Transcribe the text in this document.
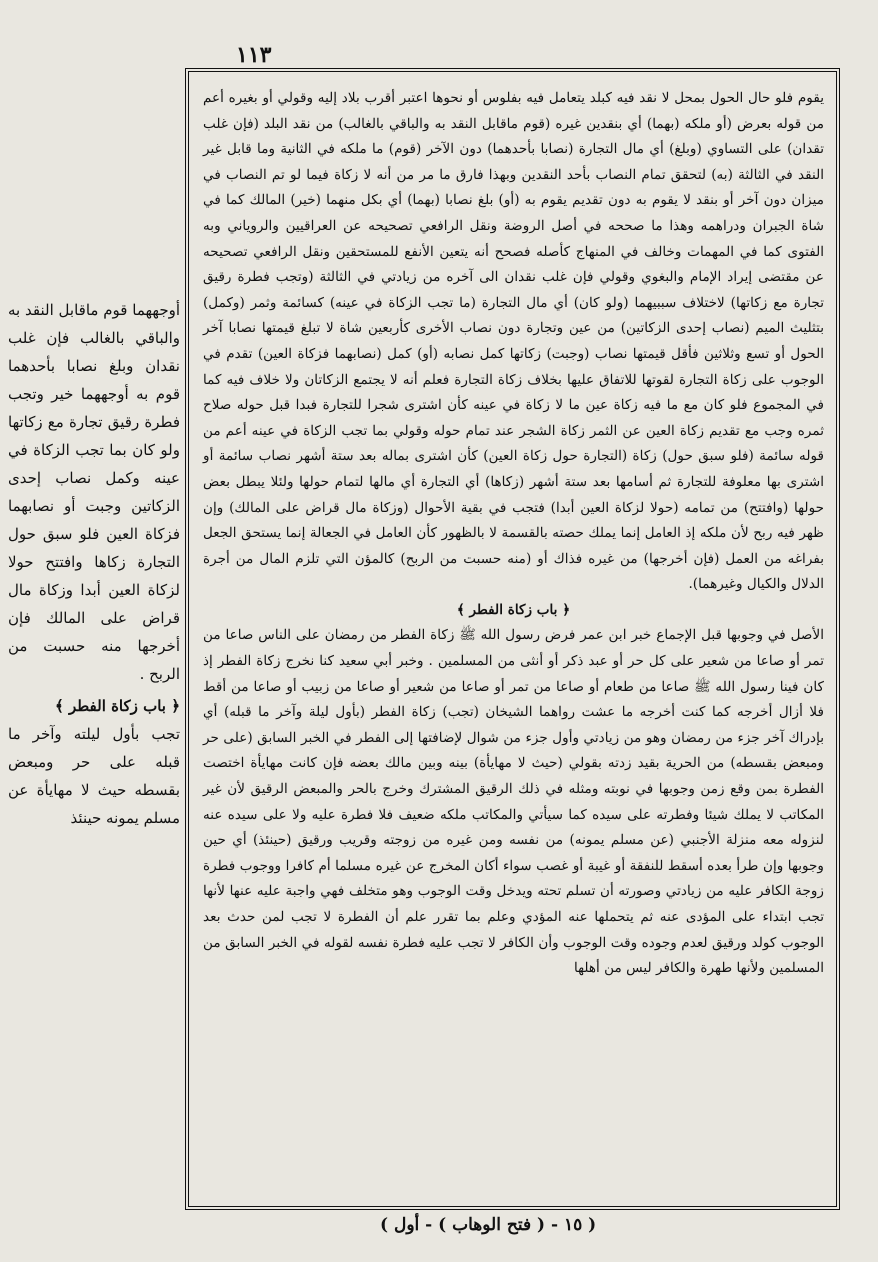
١١٣

يقوم فلو حال الحول بمحل لا نقد فيه كبلد يتعامل فيه بفلوس أو نحوها اعتبر أقرب بلاد إليه وقولي أو بغيره أعم من قوله بعرض (أو ملكه (بهما) أي بنقدين غيره (قوم ماقابل النقد به والباقي بالغالب) من نقد البلد (فإن غلب تقدان) على التساوي (وبلغ) أي مال التجارة (نصابا بأحدهما) دون الآخر (قوم) ما ملكه في الثانية وما قابل غير النقد في الثالثة (به) لتحقق تمام النصاب بأحد النقدين وبهذا فارق ما مر من أنه لا زكاة فيما لو تم النصاب في ميزان دون آخر أو بنقد لا يقوم به دون تقديم يقوم به (أو) بلغ نصابا (بهما) أي بكل منهما (خير) المالك كما في شاة الجبران ودراهمه وهذا ما صححه في أصل الروضة ونقل الرافعي تصحيحه عن العراقيين والروياني وبه الفتوى كما في المهمات وخالف في المنهاج كأصله فصحح أنه يتعين الأنفع للمستحقين ونقل الرافعي تصحيحه عن مقتضى إيراد الإمام والبغوي وقولي فإن غلب نقدان الى آخره من زيادتي في الثالثة (وتجب فطرة رقيق تجارة مع زكاتها) لاختلاف سببيهما (ولو كان) أي مال التجارة (ما تجب الزكاة في عينه) كسائمة وثمر (وكمل) بتثليث الميم (نصاب إحدى الزكاتين) من عين وتجارة دون نصاب الأخرى كأربعين شاة لا تبلغ قيمتها نصابا آخر الحول أو تسع وثلاثين فأقل قيمتها نصاب (وجبت) زكاتها كمل نصابه (أو) كمل (نصابهما فزكاة العين) تقدم في الوجوب على زكاة التجارة لقوتها للاتفاق عليها بخلاف زكاة التجارة فعلم أنه لا يجتمع الزكاتان ولا خلاف فيه كما في المجموع فلو كان مع ما فيه زكاة عين ما لا زكاة في عينه كأن اشترى شجرا للتجارة فبدا قبل حوله صلاح ثمره وجب مع تقديم زكاة العين عن الثمر زكاة الشجر عند تمام حوله وقولي بما تجب الزكاة في عينه أعم من قوله سائمة (فلو سبق حول) زكاة (التجارة حول زكاة العين) كأن اشترى بماله بعد ستة أشهر نصاب سائمة أو اشترى بها معلوفة للتجارة ثم أسامها بعد ستة أشهر (زكاها) أي التجارة أي مالها لتمام حولها ولئلا يبطل بعض حولها (وافتتح) من تمامه (حولا لزكاة العين أبدا) فتجب في بقية الأحوال (وزكاة مال قراض على المالك) وإن ظهر فيه ربح لأن ملكه إذ العامل إنما يملك حصته بالقسمة لا بالظهور كأن العامل في الجعالة إنما يستحق الجعل بفراغه من العمل (فإن أخرجها) من غيره فذاك أو (منه حسبت من الربح) كالمؤن التي تلزم المال من أجرة الدلال والكيال وغيرهما).

﴿ باب زكاة الفطر ﴾

الأصل في وجوبها قبل الإجماع خبر ابن عمر فرض رسول الله ﷺ زكاة الفطر من رمضان على الناس صاعا من تمر أو صاعا من شعير على كل حر أو عبد ذكر أو أنثى من المسلمين . وخبر أبي سعيد كنا نخرج زكاة الفطر إذ كان فينا رسول الله ﷺ صاعا من طعام أو صاعا من تمر أو صاعا من شعير أو صاعا من زبيب أو صاعا من أقط فلا أزال أخرجه كما كنت أخرجه ما عشت رواهما الشيخان (تجب) زكاة الفطر (بأول ليلة وآخر ما قبله) أي بإدراك آخر جزء من رمضان وهو من زيادتي وأول جزء من شوال لإضافتها إلى الفطر في الخبر السابق (على حر ومبعض بقسطه) من الحرية بقيد زدته بقولي (حيث لا مهايأة) بينه وبين مالك بعضه فإن كانت مهايأة اختصت الفطرة بمن وقع زمن وجوبها في نوبته ومثله في ذلك الرقيق المشترك وخرج بالحر والمبعض الرقيق لأن غير المكاتب لا يملك شيئا وفطرته على سيده كما سيأتي والمكاتب ملكه ضعيف فلا فطرة عليه ولا على سيده عنه لنزوله معه منزلة الأجنبي (عن مسلم يمونه) من نفسه ومن غيره من زوجته وقريب ورقيق (حينئذ) أي حين وجوبها وإن طرأ بعده أسقط للنفقة أو غيبة أو غصب سواء أكان المخرج عن غيره مسلما أم كافرا ووجوب فطرة زوجة الكافر عليه من زيادتي وصورته أن تسلم تحته ويدخل وقت الوجوب وهو متخلف فهي واجبة عليه عنها لأنها تجب ابتداء على المؤدى عنه ثم يتحملها عنه المؤدي وعلم بما تقرر علم أن الفطرة لا تجب لمن حدث بعد الوجوب كولد ورقيق لعدم وجوده وقت الوجوب وأن الكافر لا تجب عليه فطرة نفسه لقوله في الخبر السابق من المسلمين ولأنها طهرة والكافر ليس من أهلها

أوجههما قوم ماقابل النقد به والباقي بالغالب فإن غلب نقدان وبلغ نصابا بأحدهما قوم به أوجههما خير وتجب فطرة رقيق تجارة مع زكاتها ولو كان بما تجب الزكاة في عينه وكمل نصاب إحدى الزكاتين وجبت أو نصابهما فزكاة العين فلو سبق حول التجارة زكاها وافتتح حولا لزكاة العين أبدا وزكاة مال قراض على المالك فإن أخرجها منه حسبت من الربح .

﴿ باب زكاة الفطر ﴾

تجب بأول ليلته وآخر ما قبله على حر ومبعض بقسطه حيث لا مهايأة عن مسلم يمونه حينئذ

( ١٥ - ( فتح الوهاب ) - أول )
